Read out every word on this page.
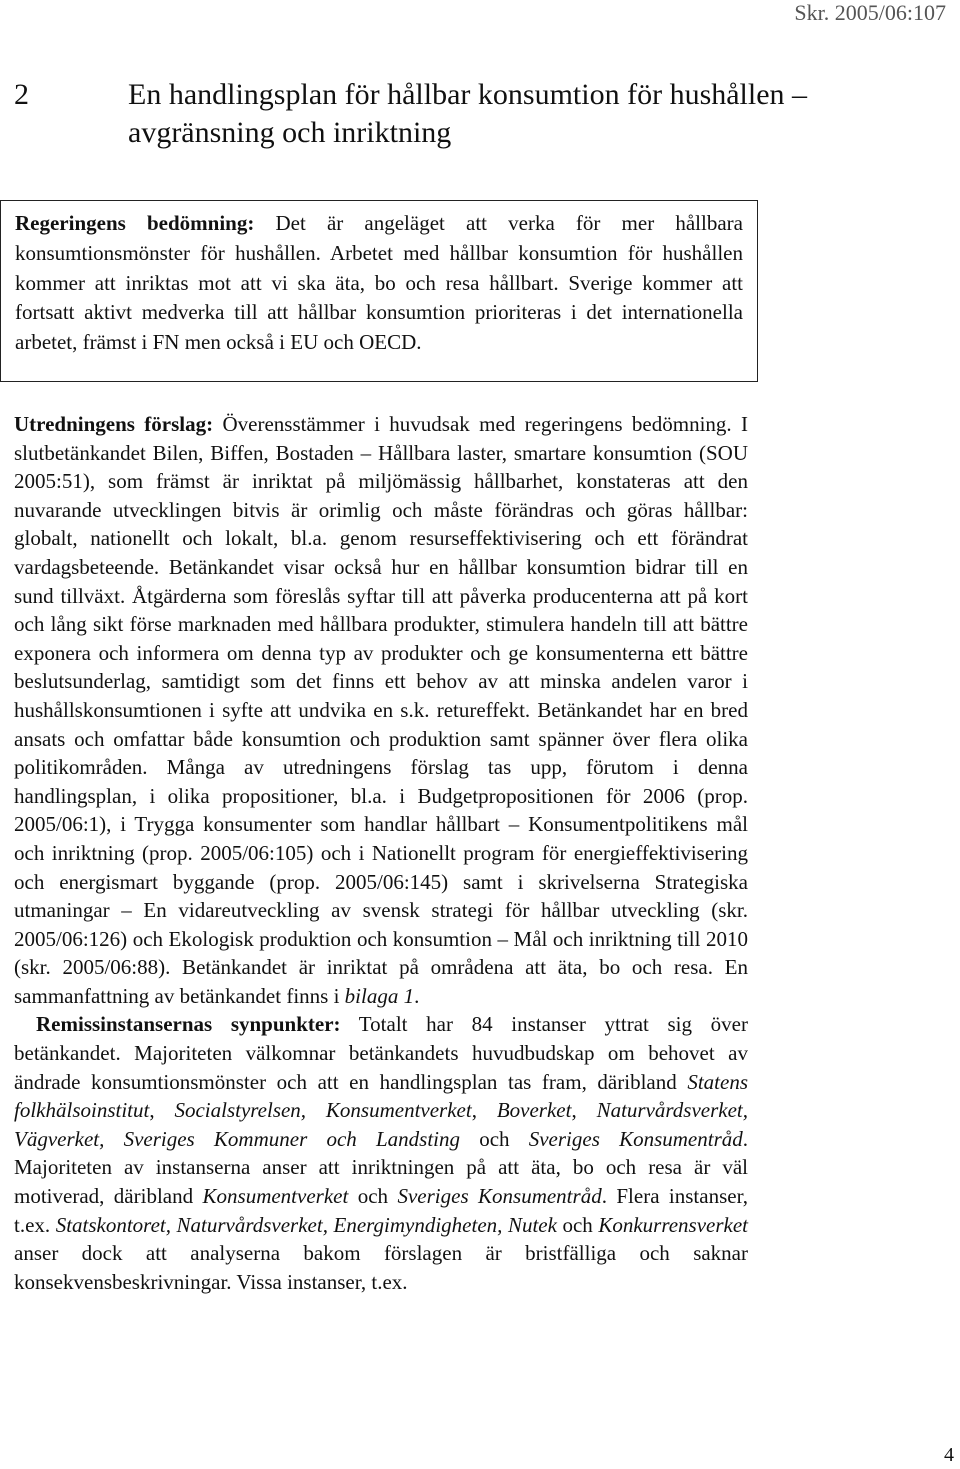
Skr. 2005/06:107
2	En handlingsplan för hållbar konsumtion för hushållen – avgränsning och inriktning

Regeringens bedömning: Det är angeläget att verka för mer hållbara konsumtionsmönster för hushållen. Arbetet med hållbar konsumtion för hushållen kommer att inriktas mot att vi ska äta, bo och resa hållbart. Sverige kommer att fortsatt aktivt medverka till att hållbar konsumtion prioriteras i det internationella arbetet, främst i FN men också i EU och OECD.

Utredningens förslag: Överensstämmer i huvudsak med regeringens bedömning. I slutbetänkandet Bilen, Biffen, Bostaden – Hållbara laster, smartare konsumtion (SOU 2005:51), som främst är inriktat på miljömässig hållbarhet, konstateras att den nuvarande utvecklingen bitvis är orimlig och måste förändras och göras hållbar: globalt, nationellt och lokalt, bl.a. genom resurseffektivisering och ett förändrat vardagsbeteende. Betänkandet visar också hur en hållbar konsumtion bidrar till en sund tillväxt. Åtgärderna som föreslås syftar till att påverka producenterna att på kort och lång sikt förse marknaden med hållbara produkter, stimulera handeln till att bättre exponera och informera om denna typ av produkter och ge konsumenterna ett bättre beslutsunderlag, samtidigt som det finns ett behov av att minska andelen varor i hushållskonsumtionen i syfte att undvika en s.k. retureffekt. Betänkandet har en bred ansats och omfattar både konsumtion och produktion samt spänner över flera olika politikområden. Många av utredningens förslag tas upp, förutom i denna handlingsplan, i olika propositioner, bl.a. i Budgetpropositionen för 2006 (prop. 2005/06:1), i Trygga konsumenter som handlar hållbart – Konsumentpolitikens mål och inriktning (prop. 2005/06:105) och i Nationellt program för energieffektivisering och energismart byggande (prop. 2005/06:145) samt i skrivelserna Strategiska utmaningar – En vidareutveckling av svensk strategi för hållbar utveckling (skr. 2005/06:126) och Ekologisk produktion och konsumtion – Mål och inriktning till 2010 (skr. 2005/06:88). Betänkandet är inriktat på områdena att äta, bo och resa. En sammanfattning av betänkandet finns i bilaga 1.

Remissinstansernas synpunkter: Totalt har 84 instanser yttrat sig över betänkandet. Majoriteten välkomnar betänkandets huvudbudskap om behovet av ändrade konsumtionsmönster och att en handlingsplan tas fram, däribland Statens folkhälsoinstitut, Socialstyrelsen, Konsumentverket, Boverket, Naturvårdsverket, Vägverket, Sveriges Kommuner och Landsting och Sveriges Konsumentråd. Majoriteten av instanserna anser att inriktningen på att äta, bo och resa är väl motiverad, däribland Konsumentverket och Sveriges Konsumentråd. Flera instanser, t.ex. Statskontoret, Naturvårdsverket, Energimyndigheten, Nutek och Konkurrensverket anser dock att analyserna bakom förslagen är bristfälliga och saknar konsekvensbeskrivningar. Vissa instanser, t.ex.

4
